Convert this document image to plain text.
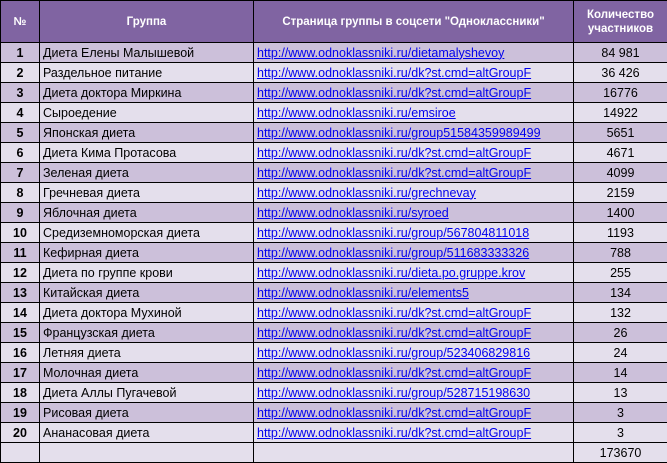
№	Группа	Страница группы в соцсети "Одноклассники"	Количество участников
1	Диета Елены Малышевой	http://www.odnoklassniki.ru/dietamalyshevoy	84 981
2	Раздельное питание	http://www.odnoklassniki.ru/dk?st.cmd=altGroupF	36 426
3	Диета доктора Миркина	http://www.odnoklassniki.ru/dk?st.cmd=altGroupF	16776
4	Сыроедение	http://www.odnoklassniki.ru/emsiroe	14922
5	Японская диета	http://www.odnoklassniki.ru/group51584359989499	5651
6	Диета Кима Протасова	http://www.odnoklassniki.ru/dk?st.cmd=altGroupF	4671
7	Зеленая диета	http://www.odnoklassniki.ru/dk?st.cmd=altGroupF	4099
8	Гречневая диета	http://www.odnoklassniki.ru/grechnevay	2159
9	Яблочная диета	http://www.odnoklassniki.ru/syroed	1400
10	Средиземноморская диета	http://www.odnoklassniki.ru/group/567804811018	1193
11	Кефирная диета	http://www.odnoklassniki.ru/group/511683333326	788
12	Диета по группе крови	http://www.odnoklassniki.ru/dieta.po.gruppe.krov	255
13	Китайская диета	http://www.odnoklassniki.ru/elements5	134
14	Диета доктора Мухиной	http://www.odnoklassniki.ru/dk?st.cmd=altGroupF	132
15	Французская диета	http://www.odnoklassniki.ru/dk?st.cmd=altGroupF	26
16	Летняя диета	http://www.odnoklassniki.ru/group/523406829816	24
17	Молочная диета	http://www.odnoklassniki.ru/dk?st.cmd=altGroupF	14
18	Диета Аллы Пугачевой	http://www.odnoklassniki.ru/group/528715198630	13
19	Рисовая диета	http://www.odnoklassniki.ru/dk?st.cmd=altGroupF	3
20	Ананасовая диета	http://www.odnoklassniki.ru/dk?st.cmd=altGroupF	3
			173670
